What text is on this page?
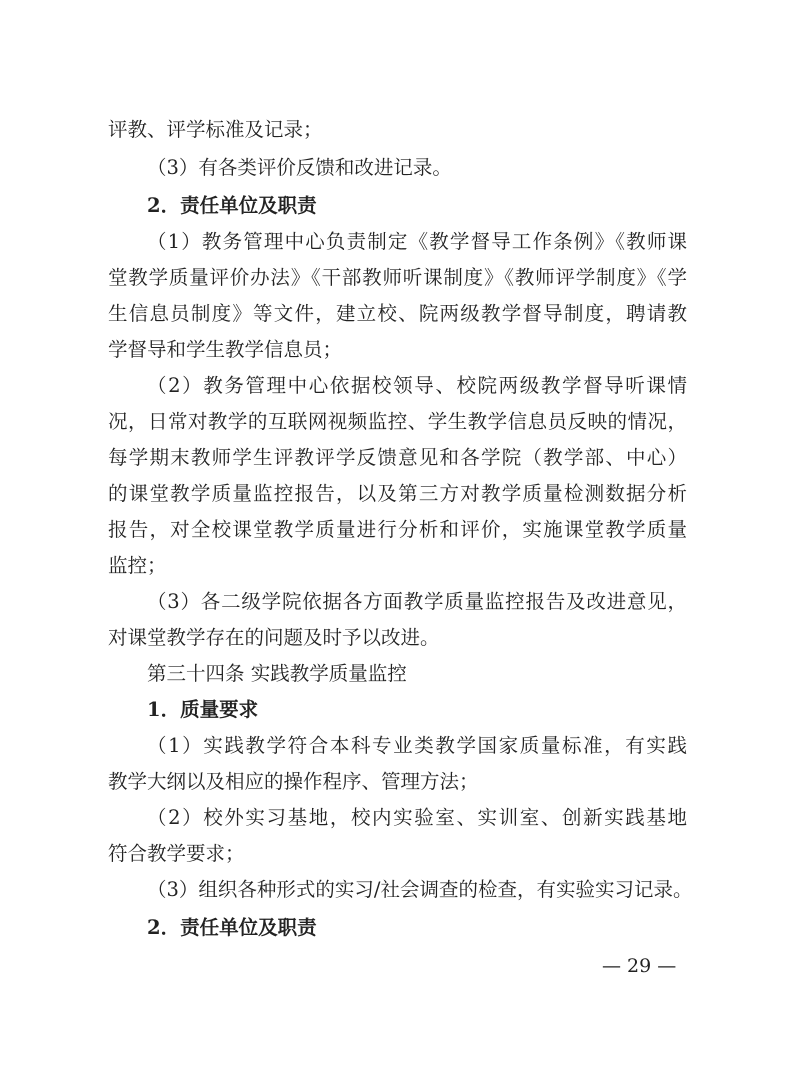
评教、评学标准及记录；
（3）有各类评价反馈和改进记录。
2．责任单位及职责
（1）教务管理中心负责制定《教学督导工作条例》《教师课
堂教学质量评价办法》《干部教师听课制度》《教师评学制度》《学
生信息员制度》等文件，建立校、院两级教学督导制度，聘请教
学督导和学生教学信息员；
（2）教务管理中心依据校领导、校院两级教学督导听课情
况，日常对教学的互联网视频监控、学生教学信息员反映的情况，
每学期末教师学生评教评学反馈意见和各学院（教学部、中心）
的课堂教学质量监控报告，以及第三方对教学质量检测数据分析
报告，对全校课堂教学质量进行分析和评价，实施课堂教学质量
监控；
（3）各二级学院依据各方面教学质量监控报告及改进意见，
对课堂教学存在的问题及时予以改进。
第三十四条 实践教学质量监控
1．质量要求
（1）实践教学符合本科专业类教学国家质量标准，有实践
教学大纲以及相应的操作程序、管理方法；
（2）校外实习基地，校内实验室、实训室、创新实践基地
符合教学要求；
（3）组织各种形式的实习/社会调查的检查，有实验实习记录。
2．责任单位及职责
— 29 —
